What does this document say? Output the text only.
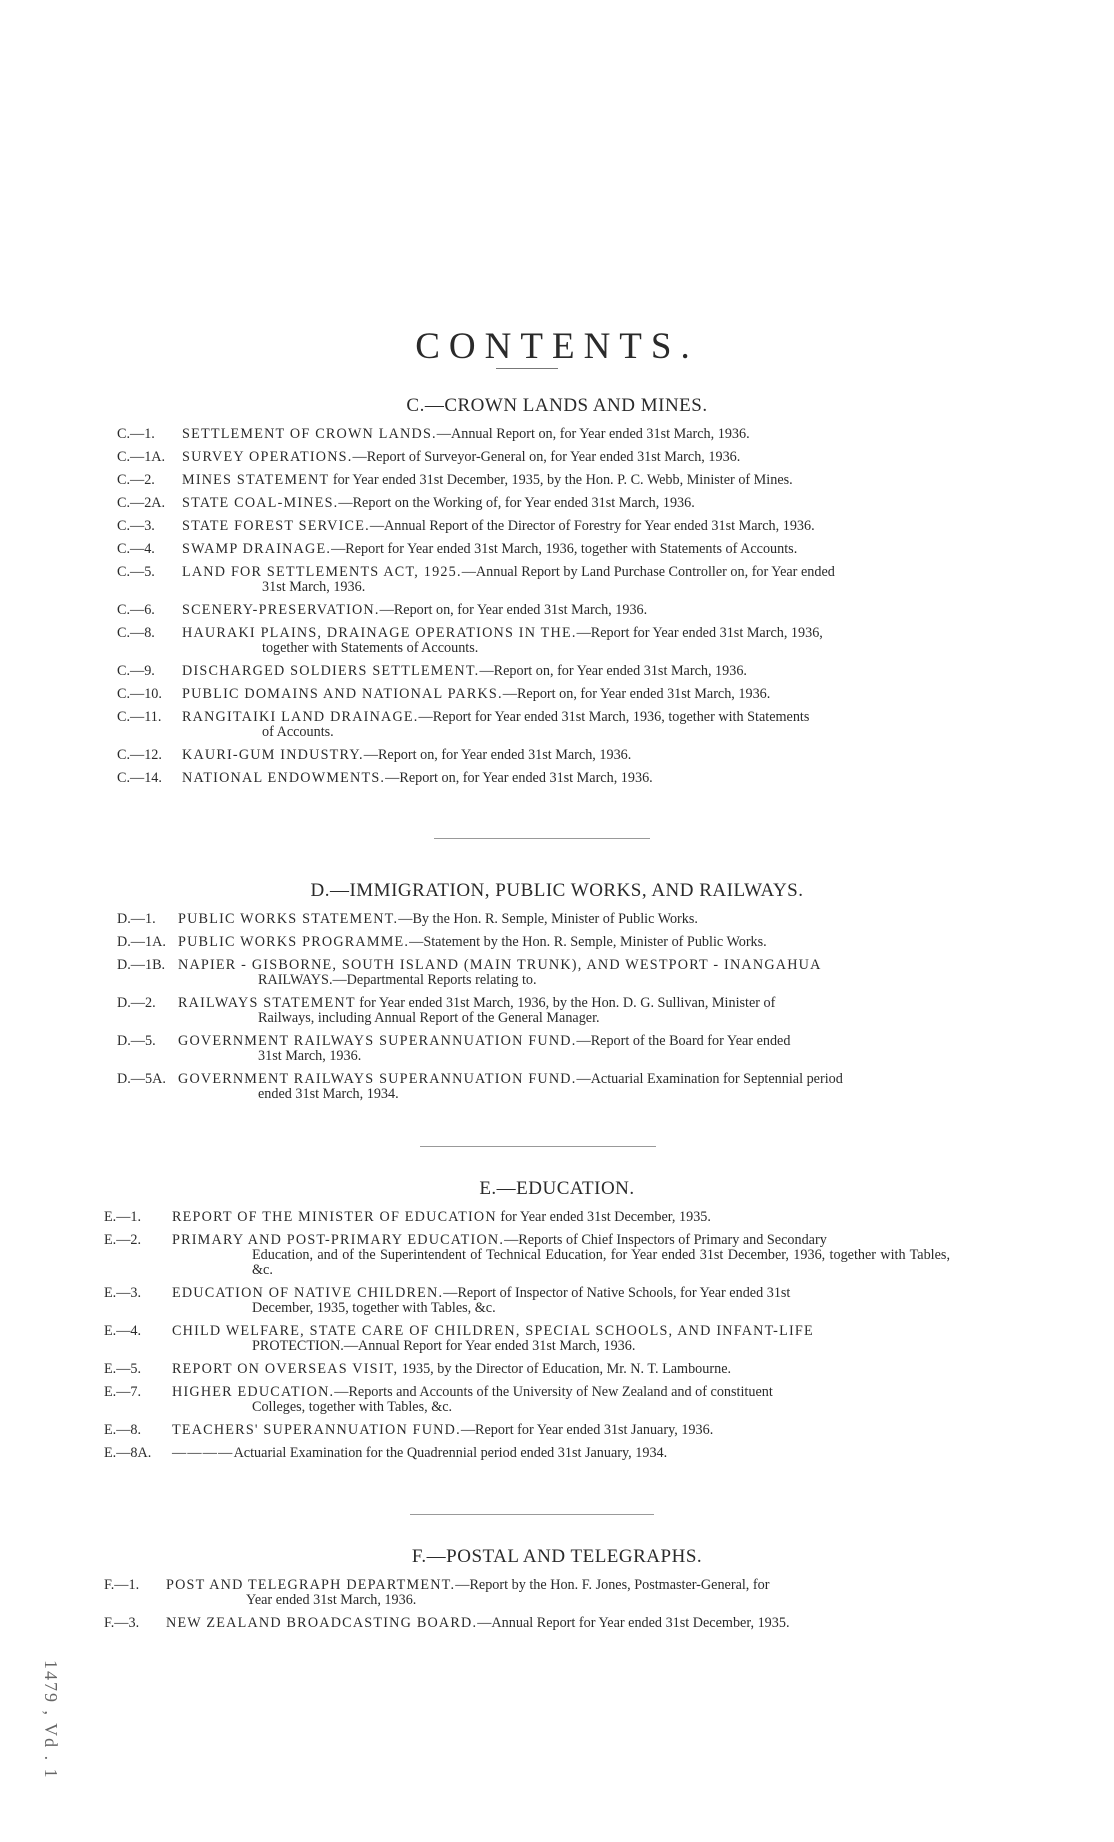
CONTENTS.
C.—CROWN LANDS AND MINES.
C.—1.	SETTLEMENT OF CROWN LANDS.—Annual Report on, for Year ended 31st March, 1936.
C.—1A.	SURVEY OPERATIONS.—Report of Surveyor-General on, for Year ended 31st March, 1936.
C.—2.	MINES STATEMENT for Year ended 31st December, 1935, by the Hon. P. C. Webb, Minister of Mines.
C.—2A.	STATE COAL-MINES.—Report on the Working of, for Year ended 31st March, 1936.
C.—3.	STATE FOREST SERVICE.—Annual Report of the Director of Forestry for Year ended 31st March, 1936.
C.—4.	SWAMP DRAINAGE.—Report for Year ended 31st March, 1936, together with Statements of Accounts.
C.—5.	LAND FOR SETTLEMENTS ACT, 1925.—Annual Report by Land Purchase Controller on, for Year ended
31st March, 1936.
C.—6.	SCENERY-PRESERVATION.—Report on, for Year ended 31st March, 1936.
C.—8.	HAURAKI PLAINS, DRAINAGE OPERATIONS IN THE.—Report for Year ended 31st March, 1936,
together with Statements of Accounts.
C.—9.	DISCHARGED SOLDIERS SETTLEMENT.—Report on, for Year ended 31st March, 1936.
C.—10.	PUBLIC DOMAINS AND NATIONAL PARKS.—Report on, for Year ended 31st March, 1936.
C.—11.	RANGITAIKI LAND DRAINAGE.—Report for Year ended 31st March, 1936, together with Statements
of Accounts.
C.—12.	KAURI-GUM INDUSTRY.—Report on, for Year ended 31st March, 1936.
C.—14.	NATIONAL ENDOWMENTS.—Report on, for Year ended 31st March, 1936.
D.—IMMIGRATION, PUBLIC WORKS, AND RAILWAYS.
D.—1.	PUBLIC WORKS STATEMENT.—By the Hon. R. Semple, Minister of Public Works.
D.—1A. PUBLIC WORKS PROGRAMME.—Statement by the Hon. R. Semple, Minister of Public Works.
D.—1B. NAPIER - GISBORNE, SOUTH ISLAND (MAIN TRUNK), AND WESTPORT - INANGAHUA
RAILWAYS.—Departmental Reports relating to.
D.—2.	RAILWAYS STATEMENT for Year ended 31st March, 1936, by the Hon. D. G. Sullivan, Minister of
Railways, including Annual Report of the General Manager.
D.—5.	GOVERNMENT RAILWAYS SUPERANNUATION FUND.—Report of the Board for Year ended
31st March, 1936.
D.—5A. GOVERNMENT RAILWAYS SUPERANNUATION FUND.—Actuarial Examination for Septennial period
ended 31st March, 1934.
E.—EDUCATION.
E.—1.	REPORT OF THE MINISTER OF EDUCATION for Year ended 31st December, 1935.
E.—2.	PRIMARY AND POST-PRIMARY EDUCATION.—Reports of Chief Inspectors of Primary and Secondary
Education, and of the Superintendent of Technical Education, for Year ended 31st December, 1936, together with Tables, &c.
E.—3.	EDUCATION OF NATIVE CHILDREN.—Report of Inspector of Native Schools, for Year ended 31st
December, 1935, together with Tables, &c.
E.—4.	CHILD WELFARE, STATE CARE OF CHILDREN, SPECIAL SCHOOLS, AND INFANT-LIFE
PROTECTION.—Annual Report for Year ended 31st March, 1936.
E.—5.	REPORT ON OVERSEAS VISIT, 1935, by the Director of Education, Mr. N. T. Lambourne.
E.—7.	HIGHER EDUCATION.—Reports and Accounts of the University of New Zealand and of constituent
Colleges, together with Tables, &c.
E.—8.	TEACHERS' SUPERANNUATION FUND.—Report for Year ended 31st January, 1936.
E.—8A.	————Actuarial Examination for the Quadrennial period ended 31st January, 1934.
F.—POSTAL AND TELEGRAPHS.
F.—1.	POST AND TELEGRAPH DEPARTMENT.—Report by the Hon. F. Jones, Postmaster-General, for
Year ended 31st March, 1936.
F.—3.	NEW ZEALAND BROADCASTING BOARD.—Annual Report for Year ended 31st December, 1935.
1479 , Vd . 1
